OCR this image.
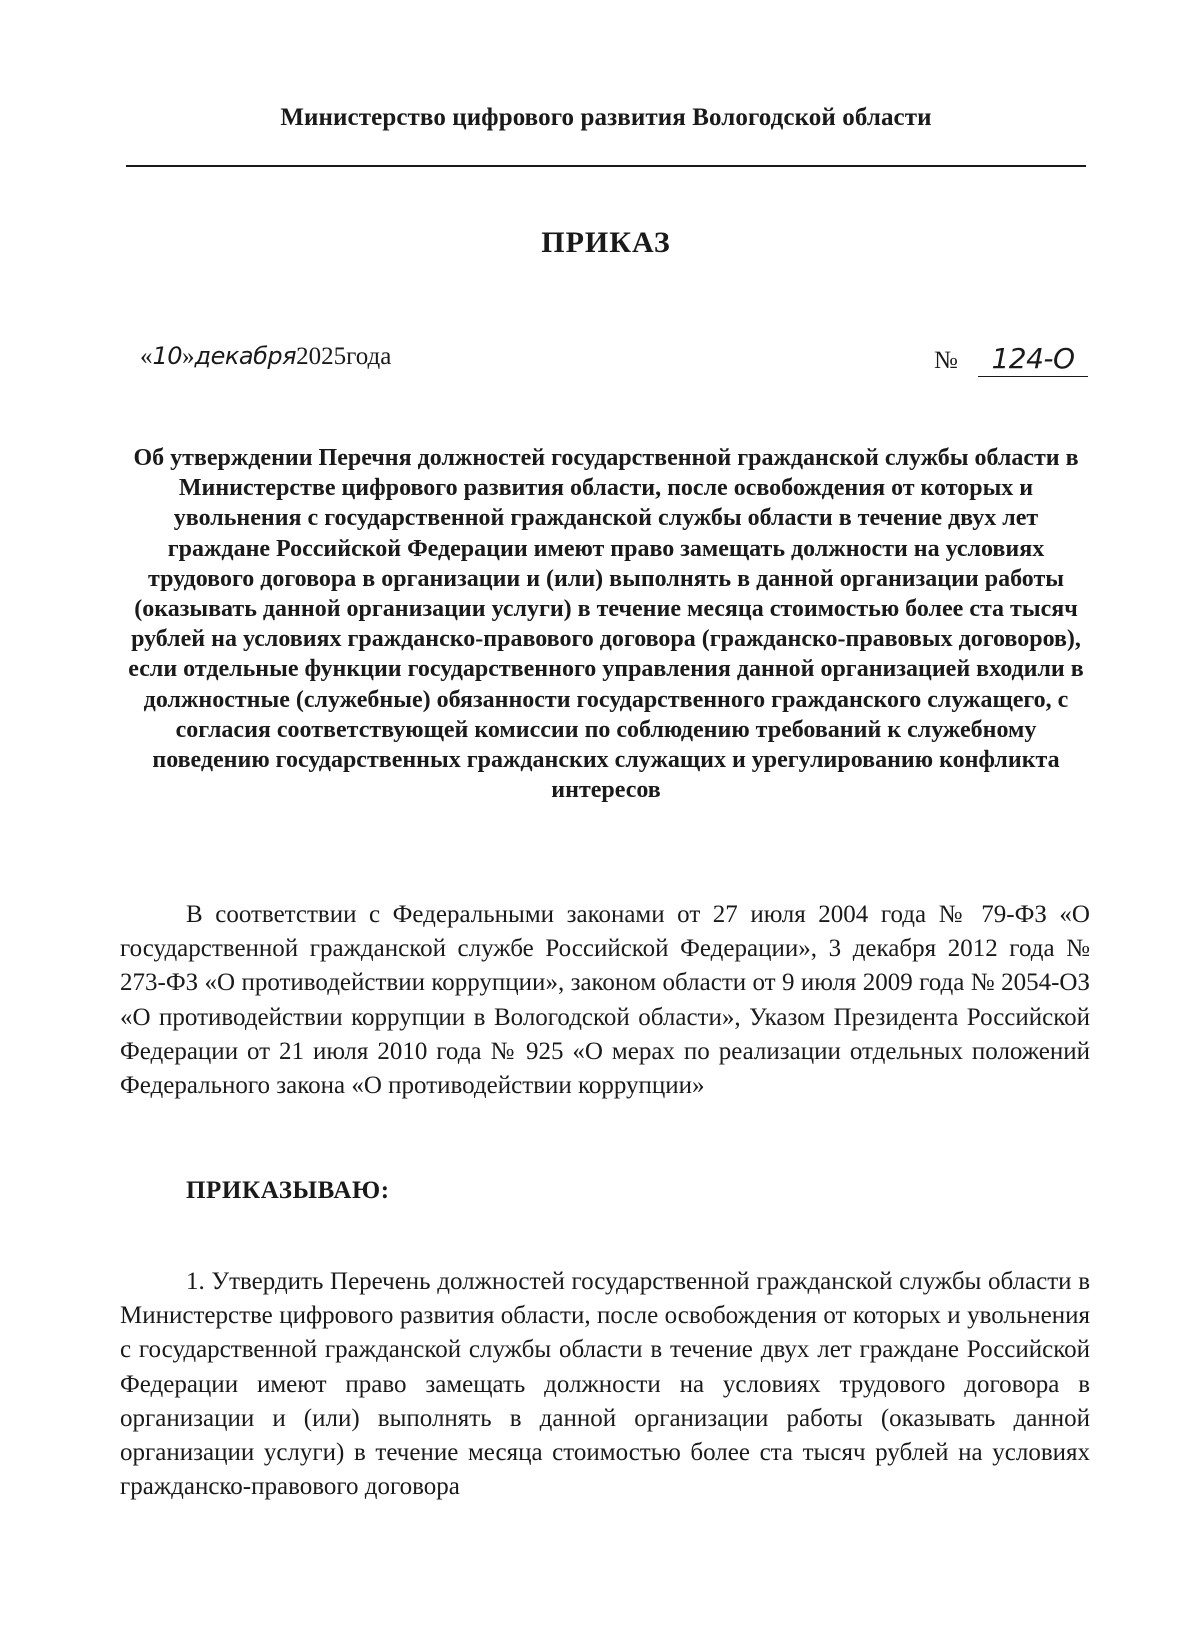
Министерство цифрового развития Вологодской области
ПРИКАЗ
«10»декабря2025года	№ 124-О
Об утверждении Перечня должностей государственной гражданской службы области в Министерстве цифрового развития области, после освобождения от которых и увольнения с государственной гражданской службы области в течение двух лет граждане Российской Федерации имеют право замещать должности на условиях трудового договора в организации и (или) выполнять в данной организации работы (оказывать данной организации услуги) в течение месяца стоимостью более ста тысяч рублей на условиях гражданско-правового договора (гражданско-правовых договоров), если отдельные функции государственного управления данной организацией входили в должностные (служебные) обязанности государственного гражданского служащего, с согласия соответствующей комиссии по соблюдению требований к служебному поведению государственных гражданских служащих и урегулированию конфликта интересов
В соответствии с Федеральными законами от 27 июля 2004 года № 79-ФЗ «О государственной гражданской службе Российской Федерации», 3 декабря 2012 года № 273-ФЗ «О противодействии коррупции», законом области от 9 июля 2009 года № 2054-ОЗ «О противодействии коррупции в Вологодской области», Указом Президента Российской Федерации от 21 июля 2010 года № 925 «О мерах по реализации отдельных положений Федерального закона «О противодействии коррупции»
ПРИКАЗЫВАЮ:
1. Утвердить Перечень должностей государственной гражданской службы области в Министерстве цифрового развития области, после освобождения от которых и увольнения с государственной гражданской службы области в течение двух лет граждане Российской Федерации имеют право замещать должности на условиях трудового договора в организации и (или) выполнять в данной организации работы (оказывать данной организации услуги) в течение месяца стоимостью более ста тысяч рублей на условиях гражданско-правового договора
